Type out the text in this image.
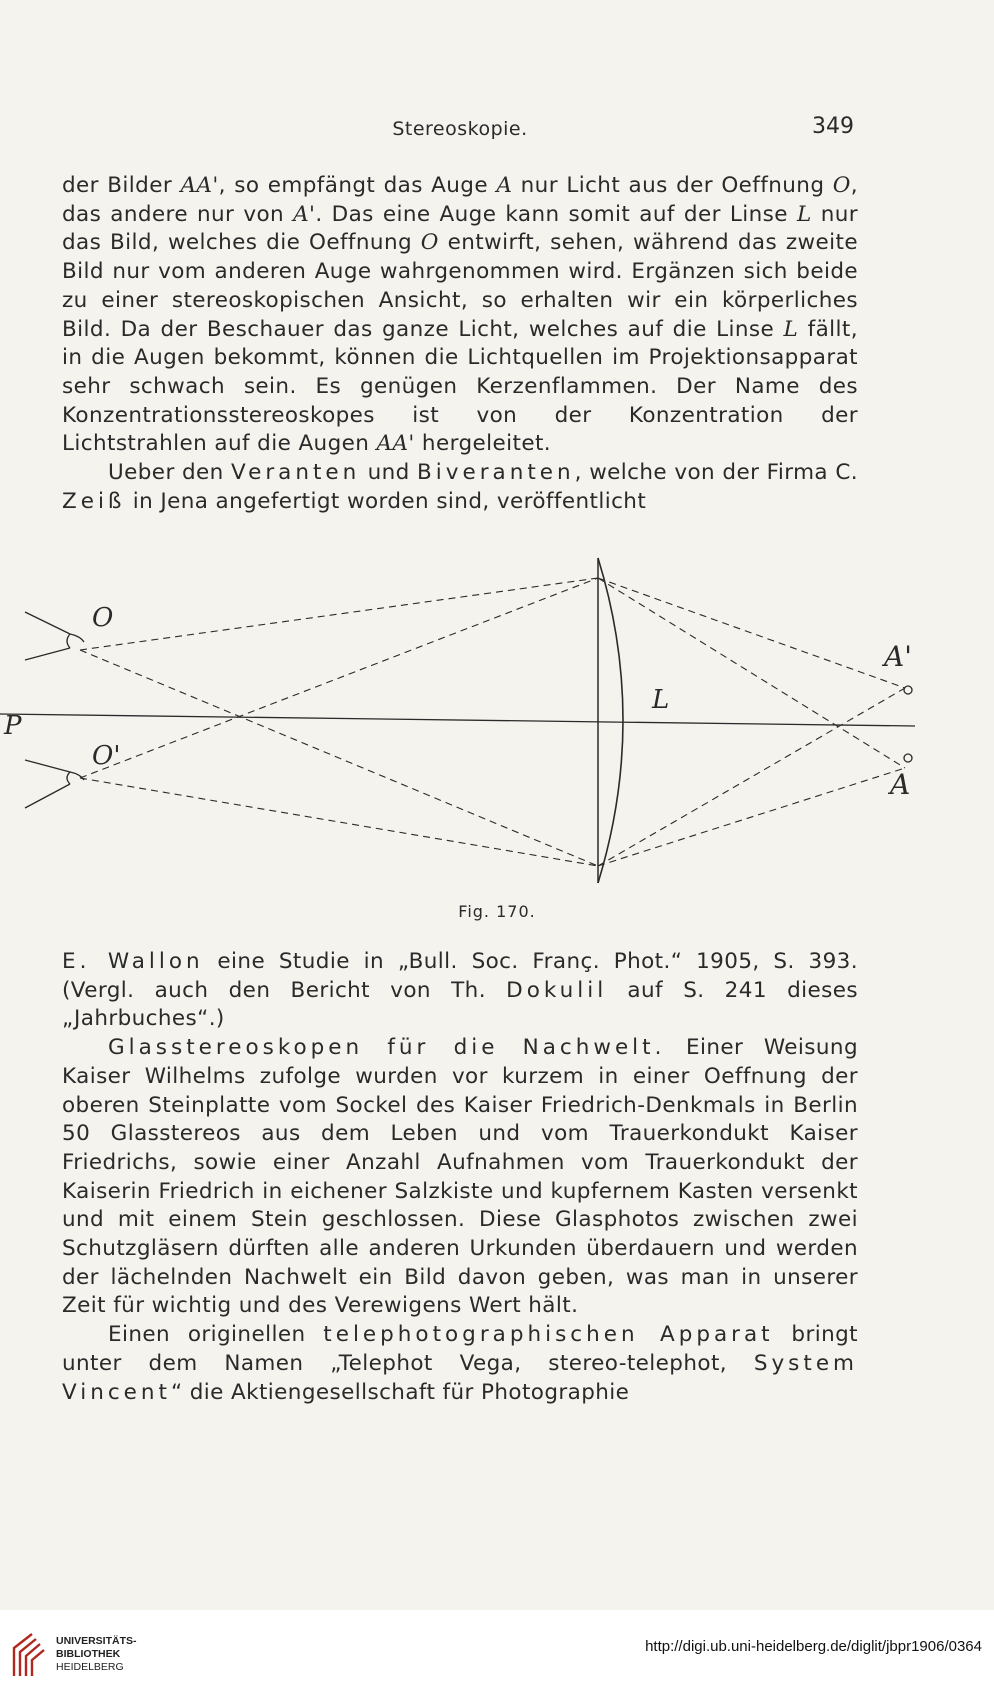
Stereoskopie.	349

der Bilder AA', so empfängt das Auge A nur Licht aus der Oeffnung O, das andere nur von A'. Das eine Auge kann somit auf der Linse L nur das Bild, welches die Oeffnung O entwirft, sehen, während das zweite Bild nur vom anderen Auge wahrgenommen wird. Ergänzen sich beide zu einer stereoskopischen Ansicht, so erhalten wir ein körperliches Bild. Da der Beschauer das ganze Licht, welches auf die Linse L fällt, in die Augen bekommt, können die Lichtquellen im Projektionsapparat sehr schwach sein. Es genügen Kerzenflammen. Der Name des Konzentrationsstereoskopes ist von der Konzentration der Lichtstrahlen auf die Augen AA' hergeleitet.

Ueber den Veranten und Biveranten, welche von der Firma C. Zeiß in Jena angefertigt worden sind, veröffentlicht

O
O'
P
L
A'
A
Fig. 170.

E. Wallon eine Studie in „Bull. Soc. Franç. Phot.“ 1905, S. 393. (Vergl. auch den Bericht von Th. Dokulil auf S. 241 dieses „Jahrbuches“.)

Glasstereoskopen für die Nachwelt. Einer Weisung Kaiser Wilhelms zufolge wurden vor kurzem in einer Oeffnung der oberen Steinplatte vom Sockel des Kaiser Friedrich-Denkmals in Berlin 50 Glasstereos aus dem Leben und vom Trauerkondukt Kaiser Friedrichs, sowie einer Anzahl Aufnahmen vom Trauerkondukt der Kaiserin Friedrich in eichener Salzkiste und kupfernem Kasten versenkt und mit einem Stein geschlossen. Diese Glasphotos zwischen zwei Schutzgläsern dürften alle anderen Urkunden überdauern und werden der lächelnden Nachwelt ein Bild davon geben, was man in unserer Zeit für wichtig und des Verewigens Wert hält.

Einen originellen telephotographischen Apparat bringt unter dem Namen „Telephot Vega, stereo-telephot, System Vincent“ die Aktiengesellschaft für Photographie

UNIVERSITÄTS-
BIBLIOTHEK
HEIDELBERG
http://digi.ub.uni-heidelberg.de/diglit/jbpr1906/0364
